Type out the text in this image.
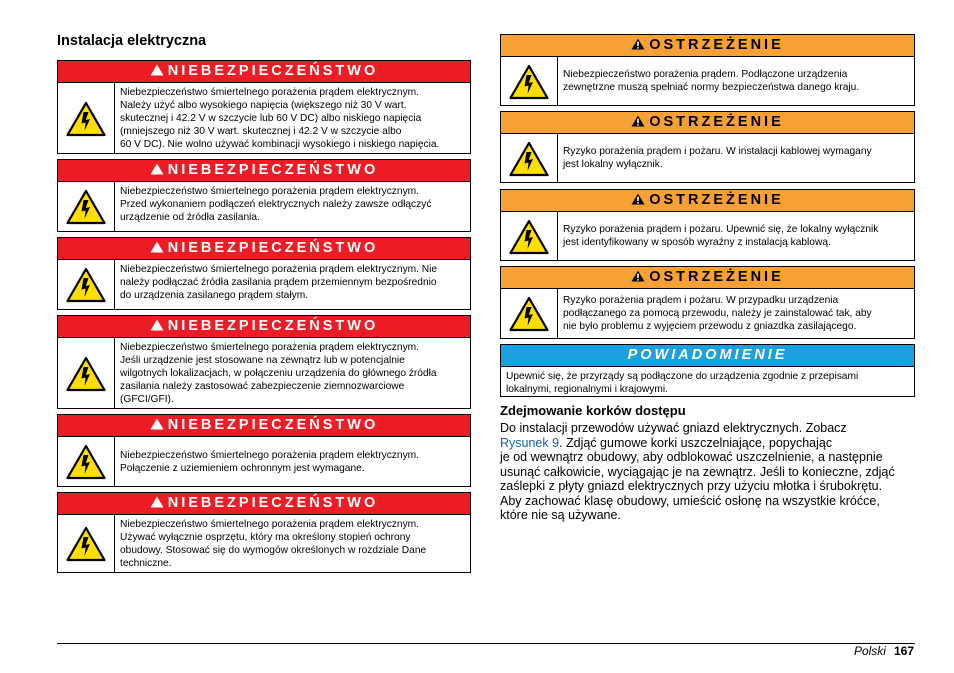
Instalacja elektryczna
NIEBEZPIECZEŃSTWO
Niebezpieczeństwo śmiertelnego porażenia prądem elektrycznym.
Należy użyć albo wysokiego napięcia (większego niż 30 V wart.
skutecznej i 42.2 V w szczycie lub 60 V DC) albo niskiego napięcia
(mniejszego niż 30 V wart. skutecznej i 42.2 V w szczycie albo
60 V DC). Nie wolno używać kombinacji wysokiego i niskiego napięcia.
NIEBEZPIECZEŃSTWO
Niebezpieczeństwo śmiertelnego porażenia prądem elektrycznym.
Przed wykonaniem podłączeń elektrycznych należy zawsze odłączyć
urządzenie od źródła zasilania.
NIEBEZPIECZEŃSTWO
Niebezpieczeństwo śmiertelnego porażenia prądem elektrycznym. Nie
należy podłączać źródła zasilania prądem przemiennym bezpośrednio
do urządzenia zasilanego prądem stałym.
NIEBEZPIECZEŃSTWO
Niebezpieczeństwo śmiertelnego porażenia prądem elektrycznym.
Jeśli urządzenie jest stosowane na zewnątrz lub w potencjalnie
wilgotnych lokalizacjach, w połączeniu urządzenia do głównego źródła
zasilania należy zastosować zabezpieczenie ziemnozwarciowe
(GFCI/GFI).
NIEBEZPIECZEŃSTWO
Niebezpieczeństwo śmiertelnego porażenia prądem elektrycznym.
Połączenie z uziemieniem ochronnym jest wymagane.
NIEBEZPIECZEŃSTWO
Niebezpieczeństwo śmiertelnego porażenia prądem elektrycznym.
Używać wyłącznie osprzętu, który ma określony stopień ochrony
obudowy. Stosować się do wymogów określonych w rozdziale Dane
techniczne.
OSTRZEŻENIE
Niebezpieczeństwo porażenia prądem. Podłączone urządzenia
zewnętrzne muszą spełniać normy bezpieczeństwa danego kraju.
OSTRZEŻENIE
Ryzyko porażenia prądem i pożaru. W instalacji kablowej wymagany
jest lokalny wyłącznik.
OSTRZEŻENIE
Ryzyko porażenia prądem i pożaru. Upewnić się, że lokalny wyłącznik
jest identyfikowany w sposób wyraźny z instalacją kablową.
OSTRZEŻENIE
Ryzyko porażenia prądem i pożaru. W przypadku urządzenia
podłączanego za pomocą przewodu, należy je zainstalować tak, aby
nie było problemu z wyjęciem przewodu z gniazdka zasilającego.
POWIADOMIENIE
Upewnić się, że przyrządy są podłączone do urządzenia zgodnie z przepisami
lokalnymi, regionalnymi i krajowymi.
Zdejmowanie korków dostępu
Do instalacji przewodów używać gniazd elektrycznych. Zobacz
Rysunek 9. Zdjąć gumowe korki uszczelniające, popychając
je od wewnątrz obudowy, aby odblokować uszczelnienie, a następnie
usunąć całkowicie, wyciągając je na zewnątrz. Jeśli to konieczne, zdjąć
zaślepki z płyty gniazd elektrycznych przy użyciu młotka i śrubokrętu.
Aby zachować klasę obudowy, umieścić osłonę na wszystkie króćce,
które nie są używane.
Polski 167
